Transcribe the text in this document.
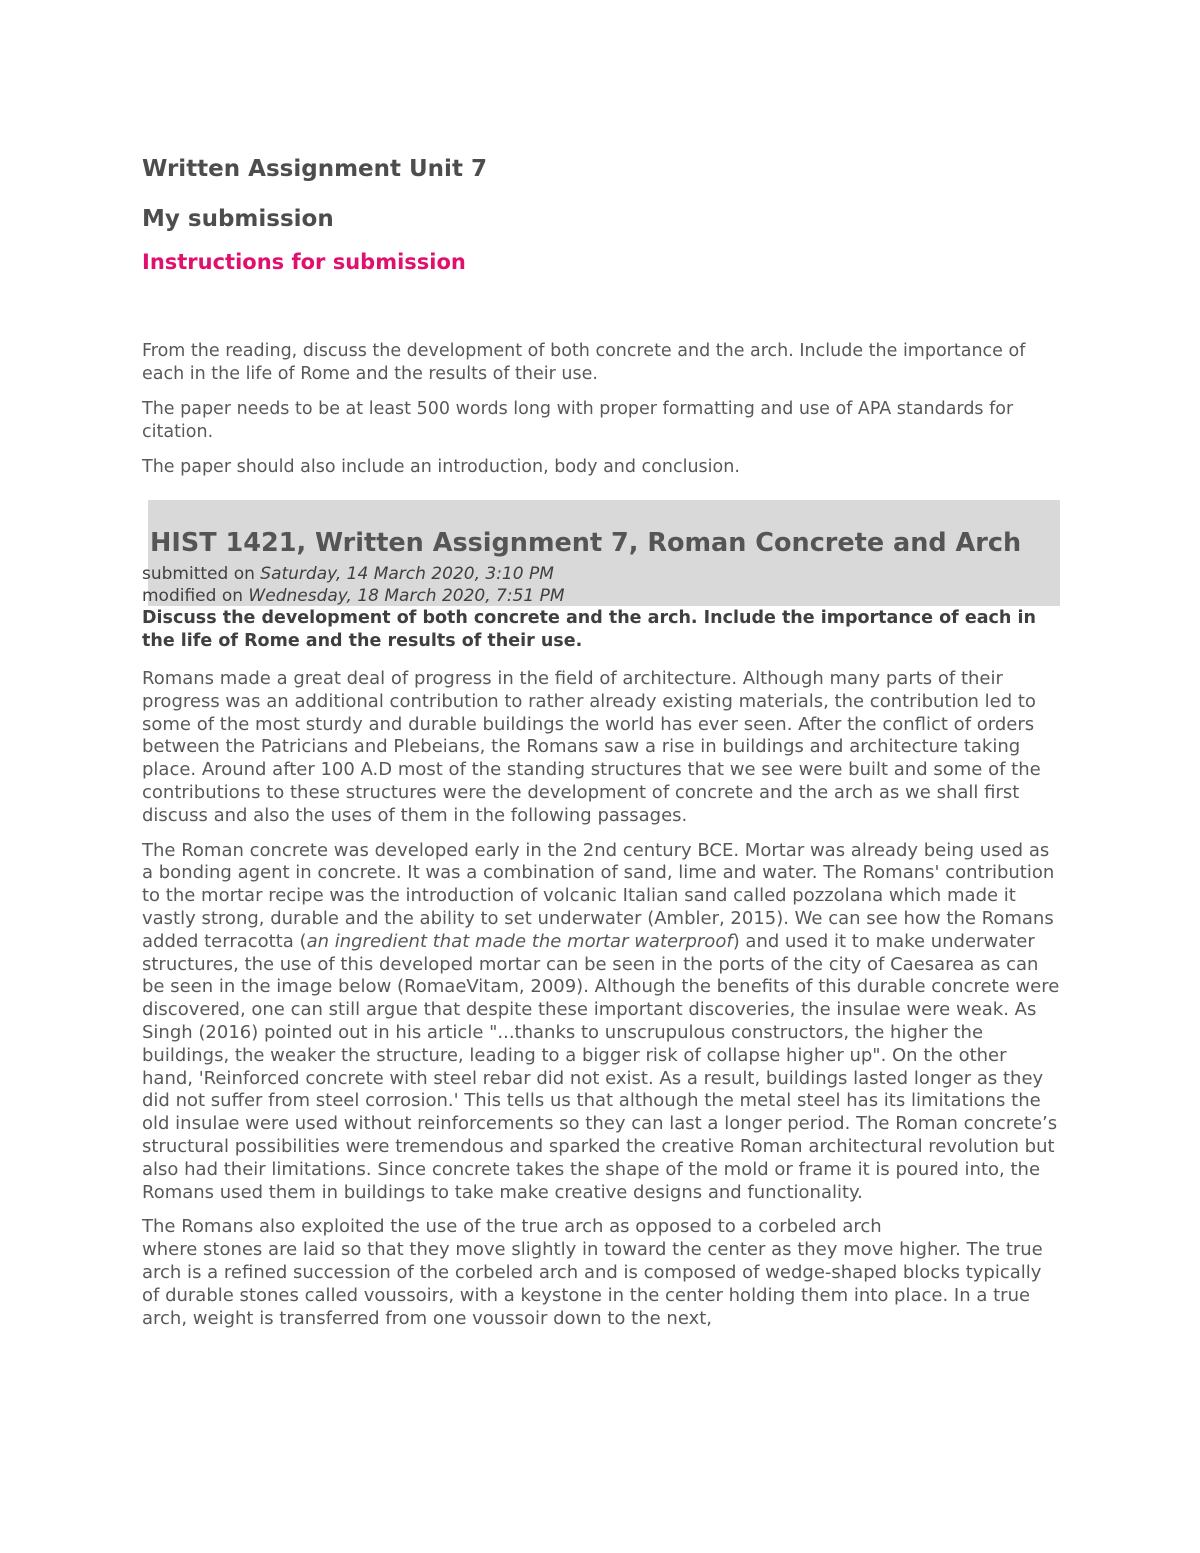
Written Assignment Unit 7
My submission
Instructions for submission

From the reading, discuss the development of both concrete and the arch. Include the importance of each in the life of Rome and the results of their use.

The paper needs to be at least 500 words long with proper formatting and use of APA standards for citation.

The paper should also include an introduction, body and conclusion.

HIST 1421, Written Assignment 7, Roman Concrete and Arch
submitted on Saturday, 14 March 2020, 3:10 PM
modified on Wednesday, 18 March 2020, 7:51 PM

Discuss the development of both concrete and the arch. Include the importance of each in the life of Rome and the results of their use.

Romans made a great deal of progress in the field of architecture. Although many parts of their progress was an additional contribution to rather already existing materials, the contribution led to some of the most sturdy and durable buildings the world has ever seen. After the conflict of orders between the Patricians and Plebeians, the Romans saw a rise in buildings and architecture taking place. Around after 100 A.D most of the standing structures that we see were built and some of the contributions to these structures were the development of concrete and the arch as we shall first discuss and also the uses of them in the following passages.

The Roman concrete was developed early in the 2nd century BCE. Mortar was already being used as a bonding agent in concrete. It was a combination of sand, lime and water. The Romans' contribution to the mortar recipe was the introduction of volcanic Italian sand called pozzolana which made it vastly strong, durable and the ability to set underwater (Ambler, 2015). We can see how the Romans added terracotta (an ingredient that made the mortar waterproof) and used it to make underwater structures, the use of this developed mortar can be seen in the ports of the city of Caesarea as can be seen in the image below (RomaeVitam, 2009). Although the benefits of this durable concrete were discovered, one can still argue that despite these important discoveries, the insulae were weak. As Singh (2016) pointed out in his article "...thanks to unscrupulous constructors, the higher the buildings, the weaker the structure, leading to a bigger risk of collapse higher up". On the other hand, 'Reinforced concrete with steel rebar did not exist. As a result, buildings lasted longer as they did not suffer from steel corrosion.' This tells us that although the metal steel has its limitations the old insulae were used without reinforcements so they can last a longer period. The Roman concrete’s structural possibilities were tremendous and sparked the creative Roman architectural revolution but also had their limitations. Since concrete takes the shape of the mold or frame it is poured into, the Romans used them in buildings to take make creative designs and functionality.

The Romans also exploited the use of the true arch as opposed to a corbeled arch
where stones are laid so that they move slightly in toward the center as they move higher. The true arch is a refined succession of the corbeled arch and is composed of wedge-shaped blocks typically of durable stones called voussoirs, with a keystone in the center holding them into place. In a true arch, weight is transferred from one voussoir down to the next,
